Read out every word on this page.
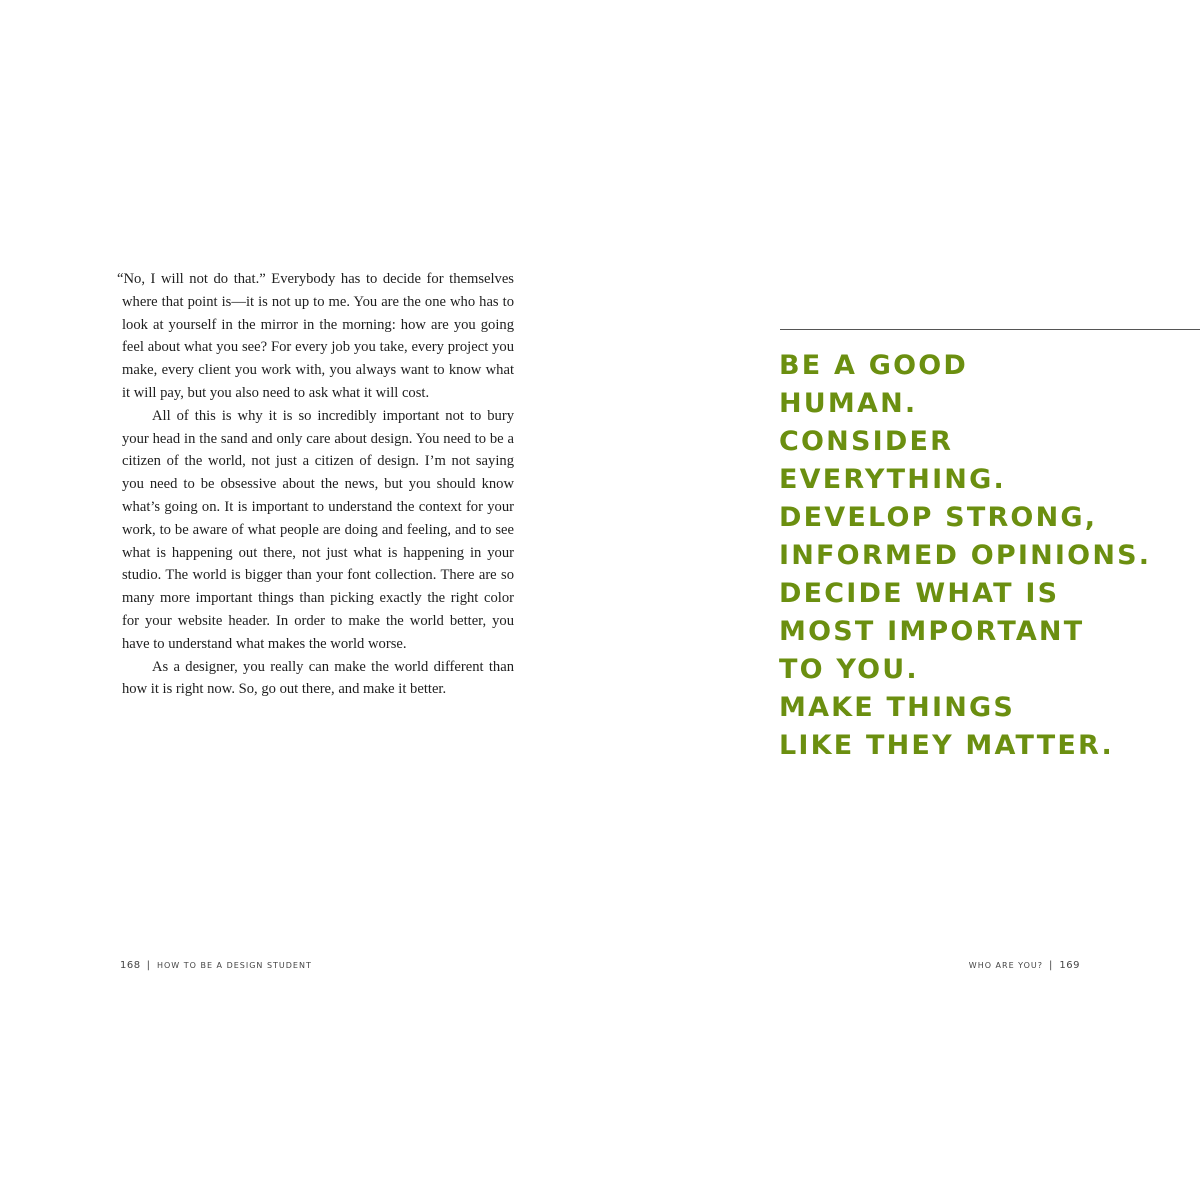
“No, I will not do that.” Everybody has to decide for themselves where that point is—it is not up to me. You are the one who has to look at yourself in the mirror in the morning: how are you going feel about what you see? For every job you take, every project you make, every client you work with, you always want to know what it will pay, but you also need to ask what it will cost.

All of this is why it is so incredibly important not to bury your head in the sand and only care about design. You need to be a citizen of the world, not just a citizen of design. I’m not saying you need to be obsessive about the news, but you should know what’s going on. It is important to understand the context for your work, to be aware of what people are doing and feeling, and to see what is happening out there, not just what is happening in your studio. The world is bigger than your font collection. There are so many more important things than picking exactly the right color for your website header. In order to make the world better, you have to understand what makes the world worse.

As a designer, you really can make the world different than how it is right now. So, go out there, and make it better.

168 | HOW TO BE A DESIGN STUDENT
BE A GOOD
HUMAN.
CONSIDER
EVERYTHING.
DEVELOP STRONG,
INFORMED OPINIONS.
DECIDE WHAT IS
MOST IMPORTANT
TO YOU.
MAKE THINGS
LIKE THEY MATTER.
WHO ARE YOU? | 169
